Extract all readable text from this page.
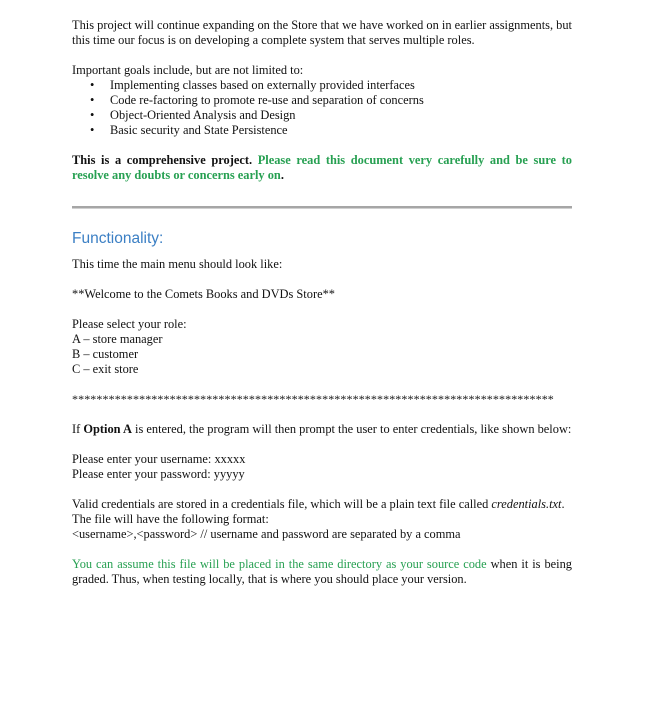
This project will continue expanding on the Store that we have worked on in earlier assignments, but this time our focus is on developing a complete system that serves multiple roles.

Important goals include, but are not limited to:

• Implementing classes based on externally provided interfaces
• Code re-factoring to promote re-use and separation of concerns
• Object-Oriented Analysis and Design
• Basic security and State Persistence

This is a comprehensive project. Please read this document very carefully and be sure to resolve any doubts or concerns early on.

Functionality:

This time the main menu should look like:

**Welcome to the Comets Books and DVDs Store**

Please select your role:

A – store manager

B – customer

C – exit store

*******************************************************************************

If Option A is entered, the program will then prompt the user to enter credentials, like shown below:

Please enter your username: xxxxx

Please enter your password: yyyyy

Valid credentials are stored in a credentials file, which will be a plain text file called credentials.txt.

The file will have the following format:

<username>,<password> // username and password are separated by a comma

You can assume this file will be placed in the same directory as your source code when it is being graded. Thus, when testing locally, that is where you should place your version.
